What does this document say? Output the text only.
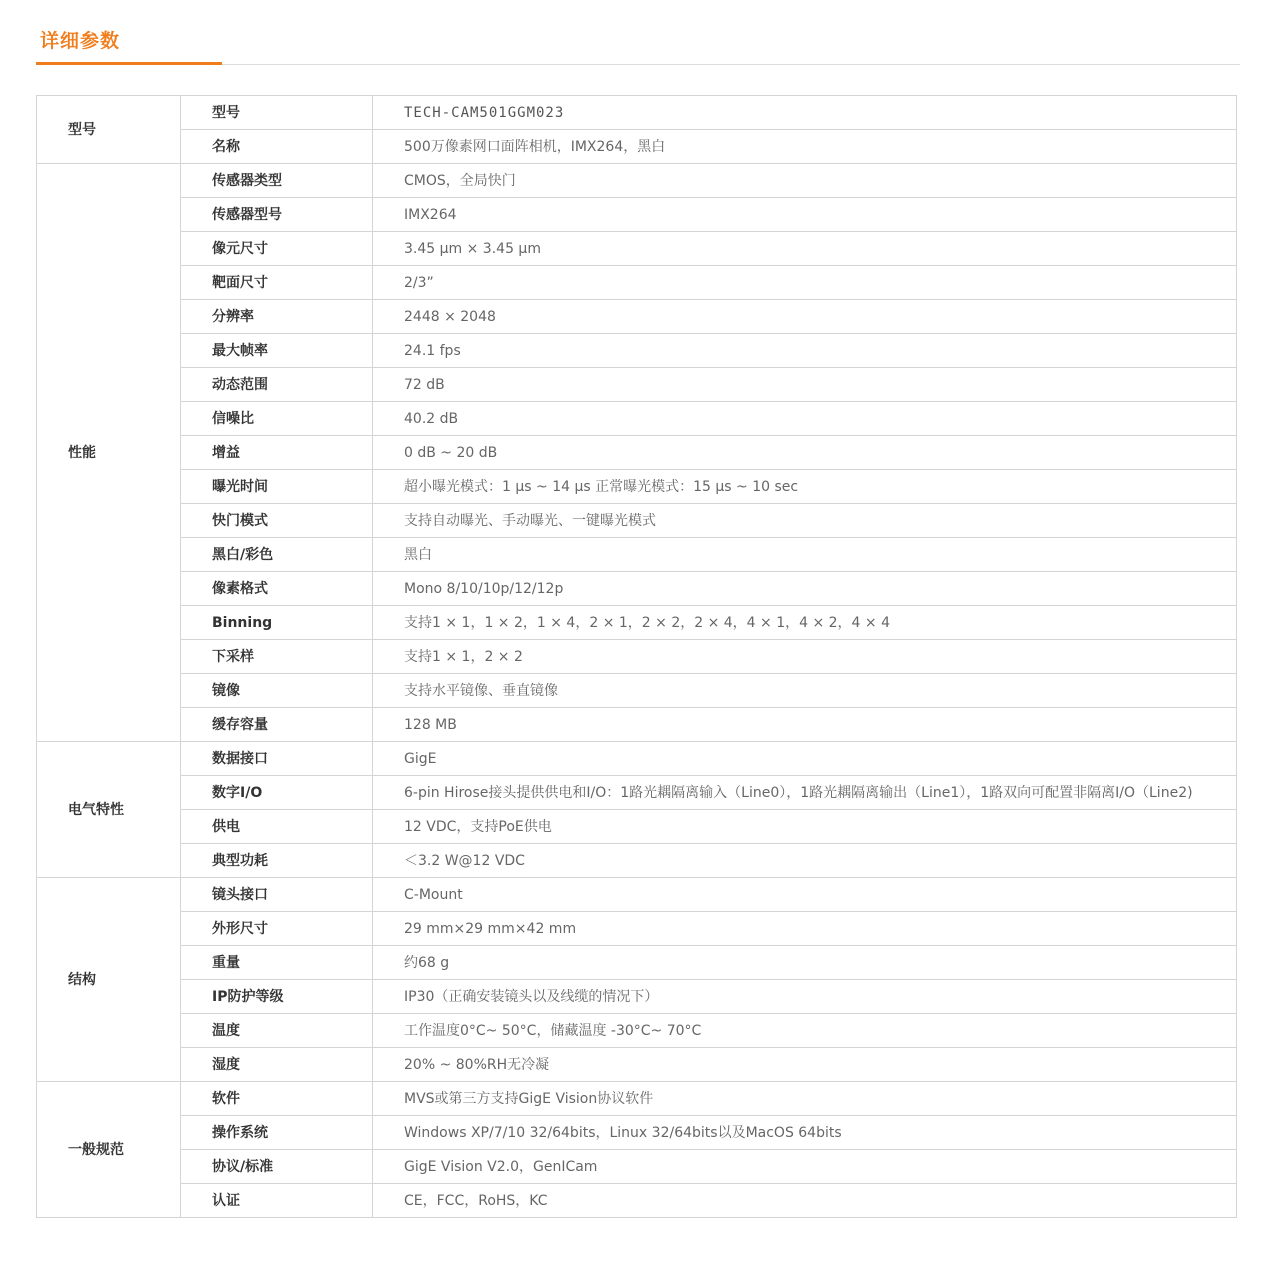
详细参数
型号	型号	TECH-CAM501GGM023
	名称	500万像素网口面阵相机，IMX264，黑白
性能	传感器类型	CMOS，全局快门
	传感器型号	IMX264
	像元尺寸	3.45 µm × 3.45 µm
	靶面尺寸	2/3”
	分辨率	2448 × 2048
	最大帧率	24.1 fps
	动态范围	72 dB
	信噪比	40.2 dB
	增益	0 dB ~ 20 dB
	曝光时间	超小曝光模式：1 μs ~ 14 μs 正常曝光模式：15 μs ~ 10 sec
	快门模式	支持自动曝光、手动曝光、一键曝光模式
	黑白/彩色	黑白
	像素格式	Mono 8/10/10p/12/12p
	Binning	支持1 × 1，1 × 2，1 × 4，2 × 1，2 × 2，2 × 4，4 × 1，4 × 2，4 × 4
	下采样	支持1 × 1，2 × 2
	镜像	支持水平镜像、垂直镜像
	缓存容量	128 MB
电气特性	数据接口	GigE
	数字I/O	6-pin Hirose接头提供供电和I/O：1路光耦隔离输入（Line0），1路光耦隔离输出（Line1），1路双向可配置非隔离I/O（Line2)
	供电	12 VDC，支持PoE供电
	典型功耗	＜3.2 W@12 VDC
结构	镜头接口	C-Mount
	外形尺寸	29 mm×29 mm×42 mm
	重量	约68 g
	IP防护等级	IP30（正确安装镜头以及线缆的情况下）
	温度	工作温度0°C~ 50°C，储藏温度 -30°C~ 70°C
	湿度	20% ~ 80%RH无冷凝
一般规范	软件	MVS或第三方支持GigE Vision协议软件
	操作系统	Windows XP/7/10 32/64bits，Linux 32/64bits以及MacOS 64bits
	协议/标准	GigE Vision V2.0，GenICam
	认证	CE，FCC，RoHS，KC
